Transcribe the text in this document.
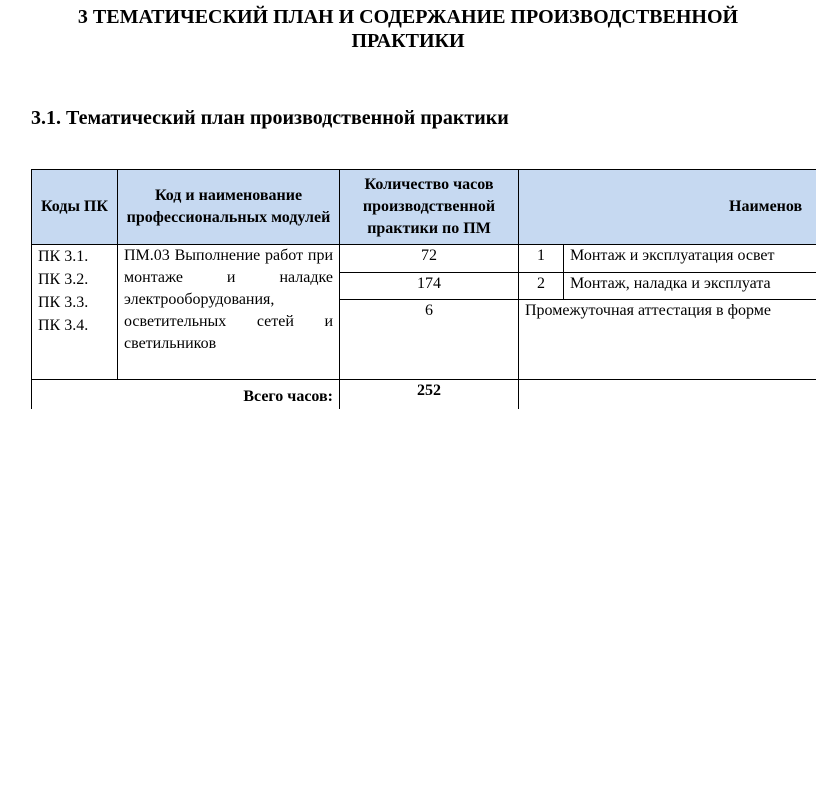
3 ТЕМАТИЧЕСКИЙ ПЛАН И СОДЕРЖАНИЕ ПРОИЗВОДСТВЕННОЙ
ПРАКТИКИ
3.1. Тематический план производственной практики
Коды ПК	Код и наименование профессиональных модулей	Количество часов производственной практики по ПМ	Наименов	

ПК 3.1.
ПК 3.2.
ПК 3.3.
ПК 3.4.	ПМ.03 Выполнение работ при монтаже и наладке электрооборудования, осветительных сетей и светильников	72	1	Монтаж и эксплуатация освет
		174	2	Монтаж, наладка и эксплуата
		6	Промежуточная аттестация в форме	
Всего часов:		252		
